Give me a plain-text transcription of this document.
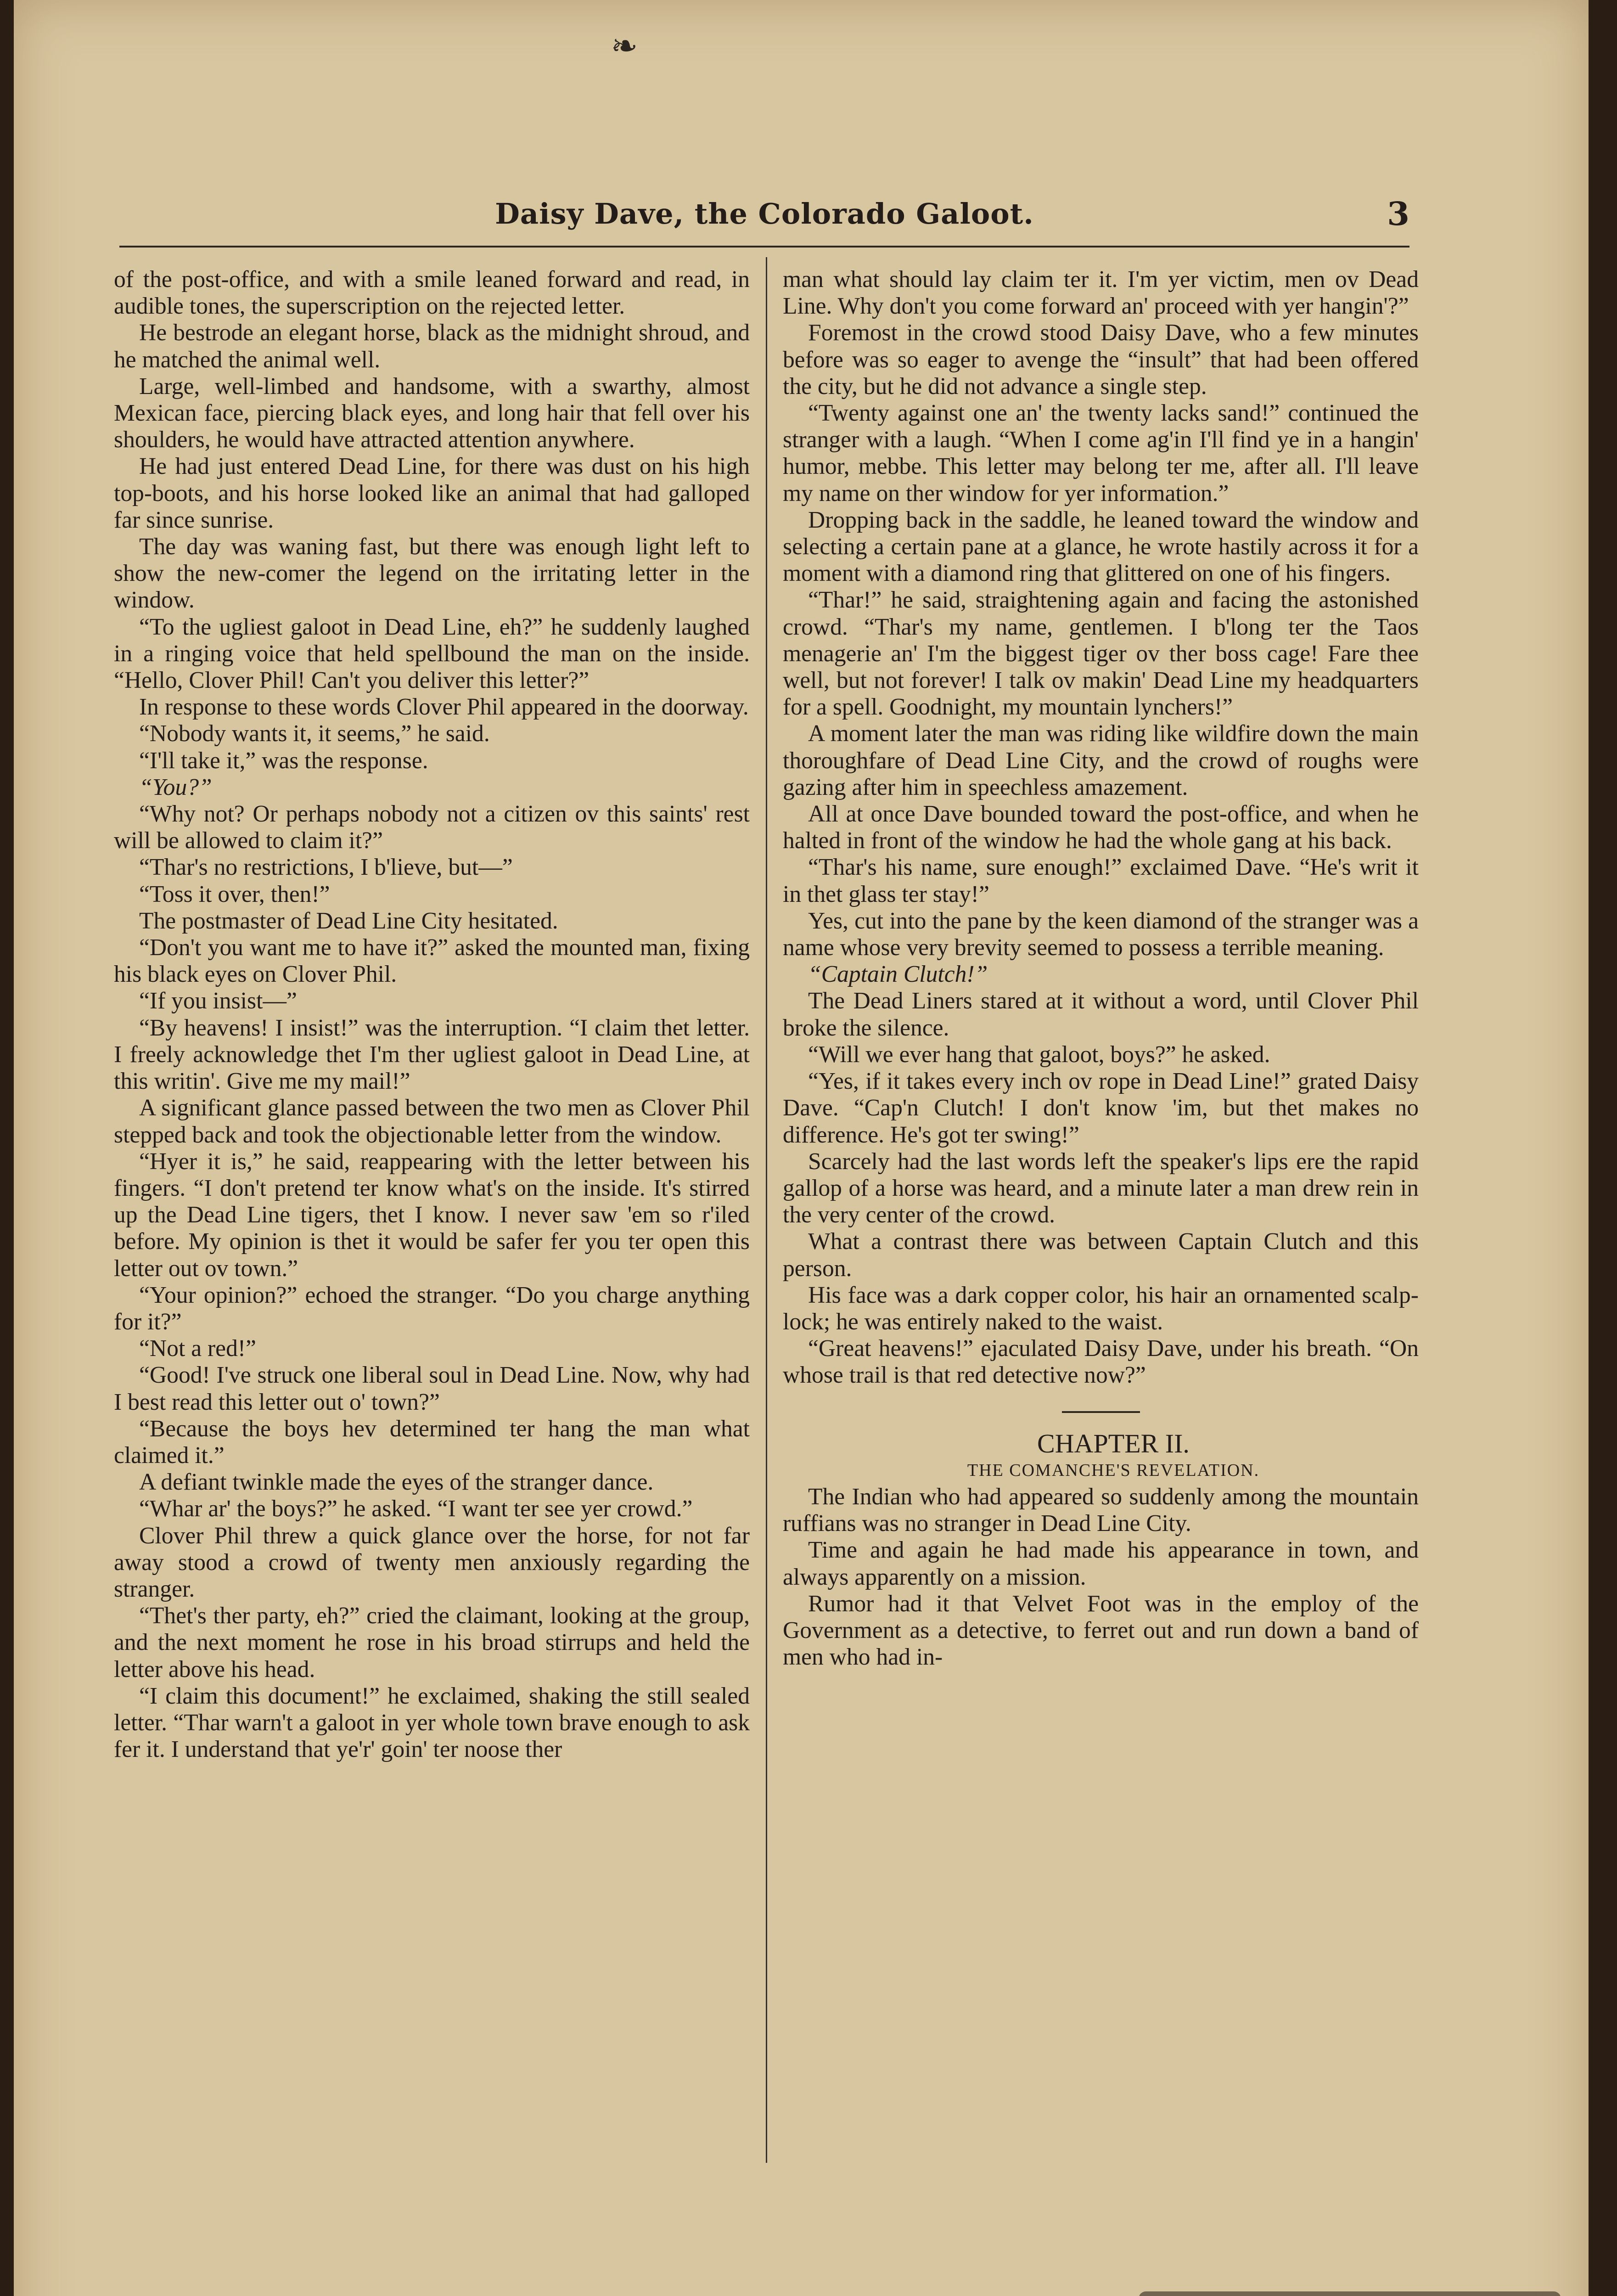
❧
Daisy Dave, the Colorado Galoot.	3

of the post-office, and with a smile leaned forward and read, in audible tones, the superscription on the rejected letter.

He bestrode an elegant horse, black as the midnight shroud, and he matched the animal well.

Large, well-limbed and handsome, with a swarthy, almost Mexican face, piercing black eyes, and long hair that fell over his shoulders, he would have attracted attention anywhere.

He had just entered Dead Line, for there was dust on his high top-boots, and his horse looked like an animal that had galloped far since sunrise.

The day was waning fast, but there was enough light left to show the new-comer the legend on the irritating letter in the window.

“To the ugliest galoot in Dead Line, eh?” he suddenly laughed in a ringing voice that held spellbound the man on the inside. “Hello, Clover Phil! Can't you deliver this letter?”

In response to these words Clover Phil appeared in the doorway.

“Nobody wants it, it seems,” he said.

“I'll take it,” was the response.

“You?”

“Why not? Or perhaps nobody not a citizen ov this saints' rest will be allowed to claim it?”

“Thar's no restrictions, I b'lieve, but—”

“Toss it over, then!”

The postmaster of Dead Line City hesitated.

“Don't you want me to have it?” asked the mounted man, fixing his black eyes on Clover Phil.

“If you insist—”

“By heavens! I insist!” was the interruption. “I claim thet letter. I freely acknowledge thet I'm ther ugliest galoot in Dead Line, at this writin'. Give me my mail!”

A significant glance passed between the two men as Clover Phil stepped back and took the objectionable letter from the window.

“Hyer it is,” he said, reappearing with the letter between his fingers. “I don't pretend ter know what's on the inside. It's stirred up the Dead Line tigers, thet I know. I never saw 'em so r'iled before. My opinion is thet it would be safer fer you ter open this letter out ov town.”

“Your opinion?” echoed the stranger. “Do you charge anything for it?”

“Not a red!”

“Good! I've struck one liberal soul in Dead Line. Now, why had I best read this letter out o' town?”

“Because the boys hev determined ter hang the man what claimed it.”

A defiant twinkle made the eyes of the stranger dance.

“Whar ar' the boys?” he asked. “I want ter see yer crowd.”

Clover Phil threw a quick glance over the horse, for not far away stood a crowd of twenty men anxiously regarding the stranger.

“Thet's ther party, eh?” cried the claimant, looking at the group, and the next moment he rose in his broad stirrups and held the letter above his head.

“I claim this document!” he exclaimed, shaking the still sealed letter. “Thar warn't a galoot in yer whole town brave enough to ask fer it. I understand that ye'r' goin' ter noose ther

man what should lay claim ter it. I'm yer victim, men ov Dead Line. Why don't you come forward an' proceed with yer hangin'?”

Foremost in the crowd stood Daisy Dave, who a few minutes before was so eager to avenge the “insult” that had been offered the city, but he did not advance a single step.

“Twenty against one an' the twenty lacks sand!” continued the stranger with a laugh. “When I come ag'in I'll find ye in a hangin' humor, mebbe. This letter may belong ter me, after all. I'll leave my name on ther window for yer information.”

Dropping back in the saddle, he leaned toward the window and selecting a certain pane at a glance, he wrote hastily across it for a moment with a diamond ring that glittered on one of his fingers.

“Thar!” he said, straightening again and facing the astonished crowd. “Thar's my name, gentlemen. I b'long ter the Taos menagerie an' I'm the biggest tiger ov ther boss cage! Fare thee well, but not forever! I talk ov makin' Dead Line my headquarters for a spell. Goodnight, my mountain lynchers!”

A moment later the man was riding like wildfire down the main thoroughfare of Dead Line City, and the crowd of roughs were gazing after him in speechless amazement.

All at once Dave bounded toward the post-office, and when he halted in front of the window he had the whole gang at his back.

“Thar's his name, sure enough!” exclaimed Dave. “He's writ it in thet glass ter stay!”

Yes, cut into the pane by the keen diamond of the stranger was a name whose very brevity seemed to possess a terrible meaning.

“Captain Clutch!”

The Dead Liners stared at it without a word, until Clover Phil broke the silence.

“Will we ever hang that galoot, boys?” he asked.

“Yes, if it takes every inch ov rope in Dead Line!” grated Daisy Dave. “Cap'n Clutch! I don't know 'im, but thet makes no difference. He's got ter swing!”

Scarcely had the last words left the speaker's lips ere the rapid gallop of a horse was heard, and a minute later a man drew rein in the very center of the crowd.

What a contrast there was between Captain Clutch and this person.

His face was a dark copper color, his hair an ornamented scalp-lock; he was entirely naked to the waist.

“Great heavens!” ejaculated Daisy Dave, under his breath. “On whose trail is that red detective now?”

CHAPTER II.

THE COMANCHE'S REVELATION.

The Indian who had appeared so suddenly among the mountain ruffians was no stranger in Dead Line City.

Time and again he had made his appearance in town, and always apparently on a mission.

Rumor had it that Velvet Foot was in the employ of the Government as a detective, to ferret out and run down a band of men who had in-
